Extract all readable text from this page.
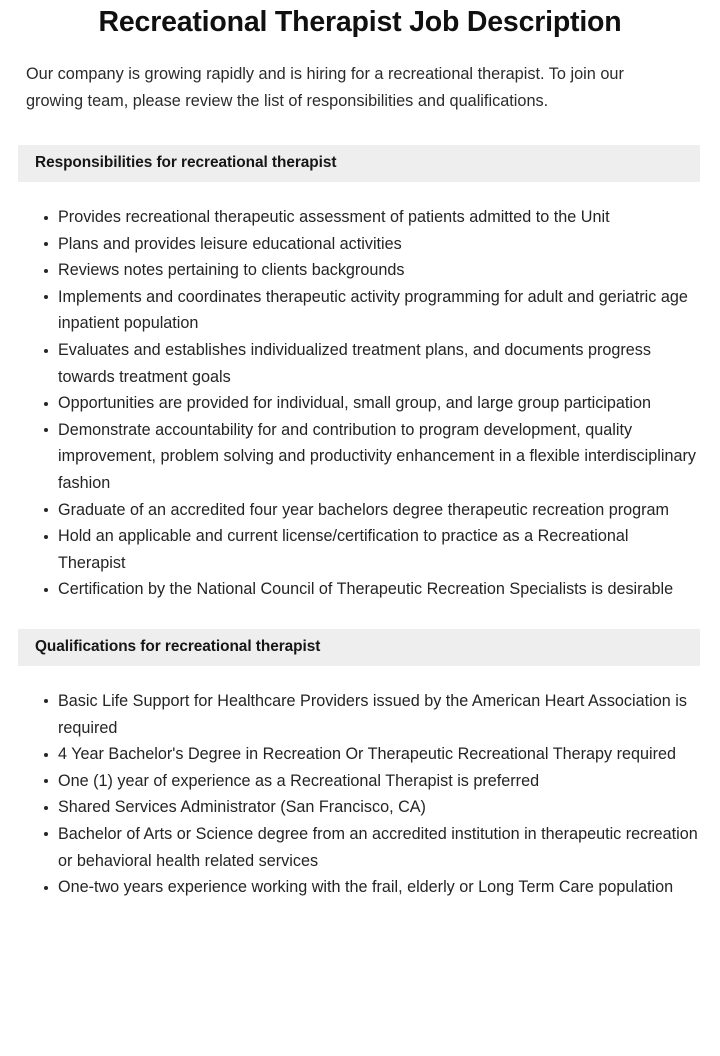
Recreational Therapist Job Description

Our company is growing rapidly and is hiring for a recreational therapist. To join our growing team, please review the list of responsibilities and qualifications.

Responsibilities for recreational therapist
Provides recreational therapeutic assessment of patients admitted to the Unit
Plans and provides leisure educational activities
Reviews notes pertaining to clients backgrounds
Implements and coordinates therapeutic activity programming for adult and geriatric age inpatient population
Evaluates and establishes individualized treatment plans, and documents progress towards treatment goals
Opportunities are provided for individual, small group, and large group participation
Demonstrate accountability for and contribution to program development, quality improvement, problem solving and productivity enhancement in a flexible interdisciplinary fashion
Graduate of an accredited four year bachelors degree therapeutic recreation program
Hold an applicable and current license/certification to practice as a Recreational Therapist
Certification by the National Council of Therapeutic Recreation Specialists is desirable
Qualifications for recreational therapist
Basic Life Support for Healthcare Providers issued by the American Heart Association is required
4 Year Bachelor's Degree in Recreation Or Therapeutic Recreational Therapy required
One (1) year of experience as a Recreational Therapist is preferred
Shared Services Administrator (San Francisco, CA)
Bachelor of Arts or Science degree from an accredited institution in therapeutic recreation or behavioral health related services
One-two years experience working with the frail, elderly or Long Term Care population
